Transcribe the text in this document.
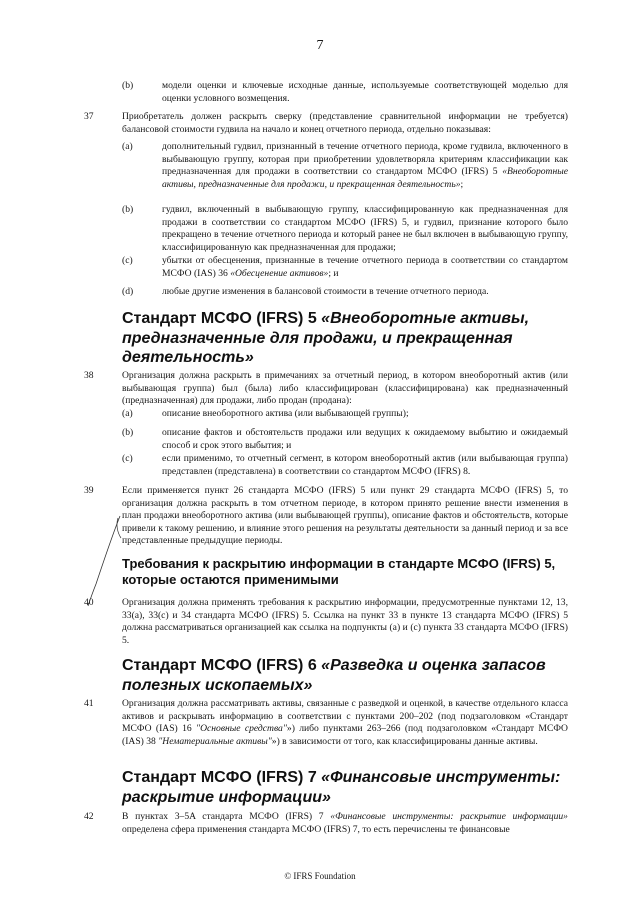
7
(b)	модели оценки и ключевые исходные данные, используемые соответствующей моделью для оценки условного возмещения.
37	Приобретатель должен раскрыть сверку (представление сравнительной информации не требуется) балансовой стоимости гудвила на начало и конец отчетного периода, отдельно показывая:
(a)	дополнительный гудвил, признанный в течение отчетного периода, кроме гудвила, включенного в выбывающую группу, которая при приобретении удовлетворяла критериям классификации как предназначенная для продажи в соответствии со стандартом МСФО (IFRS) 5 «Внеоборотные активы, предназначенные для продажи, и прекращенная деятельность»;
(b)	гудвил, включенный в выбывающую группу, классифицированную как предназначенная для продажи в соответствии со стандартом МСФО (IFRS) 5, и гудвил, признание которого было прекращено в течение отчетного периода и который ранее не был включен в выбывающую группу, классифицированную как предназначенная для продажи;
(c)	убытки от обесценения, признанные в течение отчетного периода в соответствии со стандартом МСФО (IAS) 36 «Обесценение активов»; и
(d)	любые другие изменения в балансовой стоимости в течение отчетного периода.
Стандарт МСФО (IFRS) 5 «Внеоборотные активы,
предназначенные для продажи, и прекращенная
деятельность»
38	Организация должна раскрыть в примечаниях за отчетный период, в котором внеоборотный актив (или выбывающая группа) был (была) либо классифицирован (классифицирована) как предназначенный (предназначенная) для продажи, либо продан (продана):
(a)	описание внеоборотного актива (или выбывающей группы);
(b)	описание фактов и обстоятельств продажи или ведущих к ожидаемому выбытию и ожидаемый способ и срок этого выбытия; и
(c)	если применимо, то отчетный сегмент, в котором внеоборотный актив (или выбывающая группа) представлен (представлена) в соответствии со стандартом МСФО (IFRS) 8.
39	Если применяется пункт 26 стандарта МСФО (IFRS) 5 или пункт 29 стандарта МСФО (IFRS) 5, то организация должна раскрыть в том отчетном периоде, в котором принято решение внести изменения в план продажи внеоборотного актива (или выбывающей группы), описание фактов и обстоятельств, которые привели к такому решению, и влияние этого решения на результаты деятельности за данный период и за все представленные предыдущие периоды.
Требования к раскрытию информации в стандарте МСФО (IFRS) 5,
которые остаются применимыми
40	Организация должна применять требования к раскрытию информации, предусмотренные пунктами 12, 13, 33(a), 33(c) и 34 стандарта МСФО (IFRS) 5. Ссылка на пункт 33 в пункте 13 стандарта МСФО (IFRS) 5 должна рассматриваться организацией как ссылка на подпункты (a) и (c) пункта 33 стандарта МСФО (IFRS) 5.
Стандарт МСФО (IFRS) 6 «Разведка и оценка запасов
полезных ископаемых»
41	Организация должна рассматривать активы, связанные с разведкой и оценкой, в качестве отдельного класса активов и раскрывать информацию в соответствии с пунктами 200–202 (под подзаголовком «Стандарт МСФО (IAS) 16 "Основные средства"») либо пунктами 263–266 (под подзаголовком «Стандарт МСФО (IAS) 38 "Нематериальные активы"») в зависимости от того, как классифицированы данные активы.
Стандарт МСФО (IFRS) 7 «Финансовые инструменты:
раскрытие информации»
42	В пунктах 3–5A стандарта МСФО (IFRS) 7 «Финансовые инструменты: раскрытие информации» определена сфера применения стандарта МСФО (IFRS) 7, то есть перечислены те финансовые
© IFRS Foundation
